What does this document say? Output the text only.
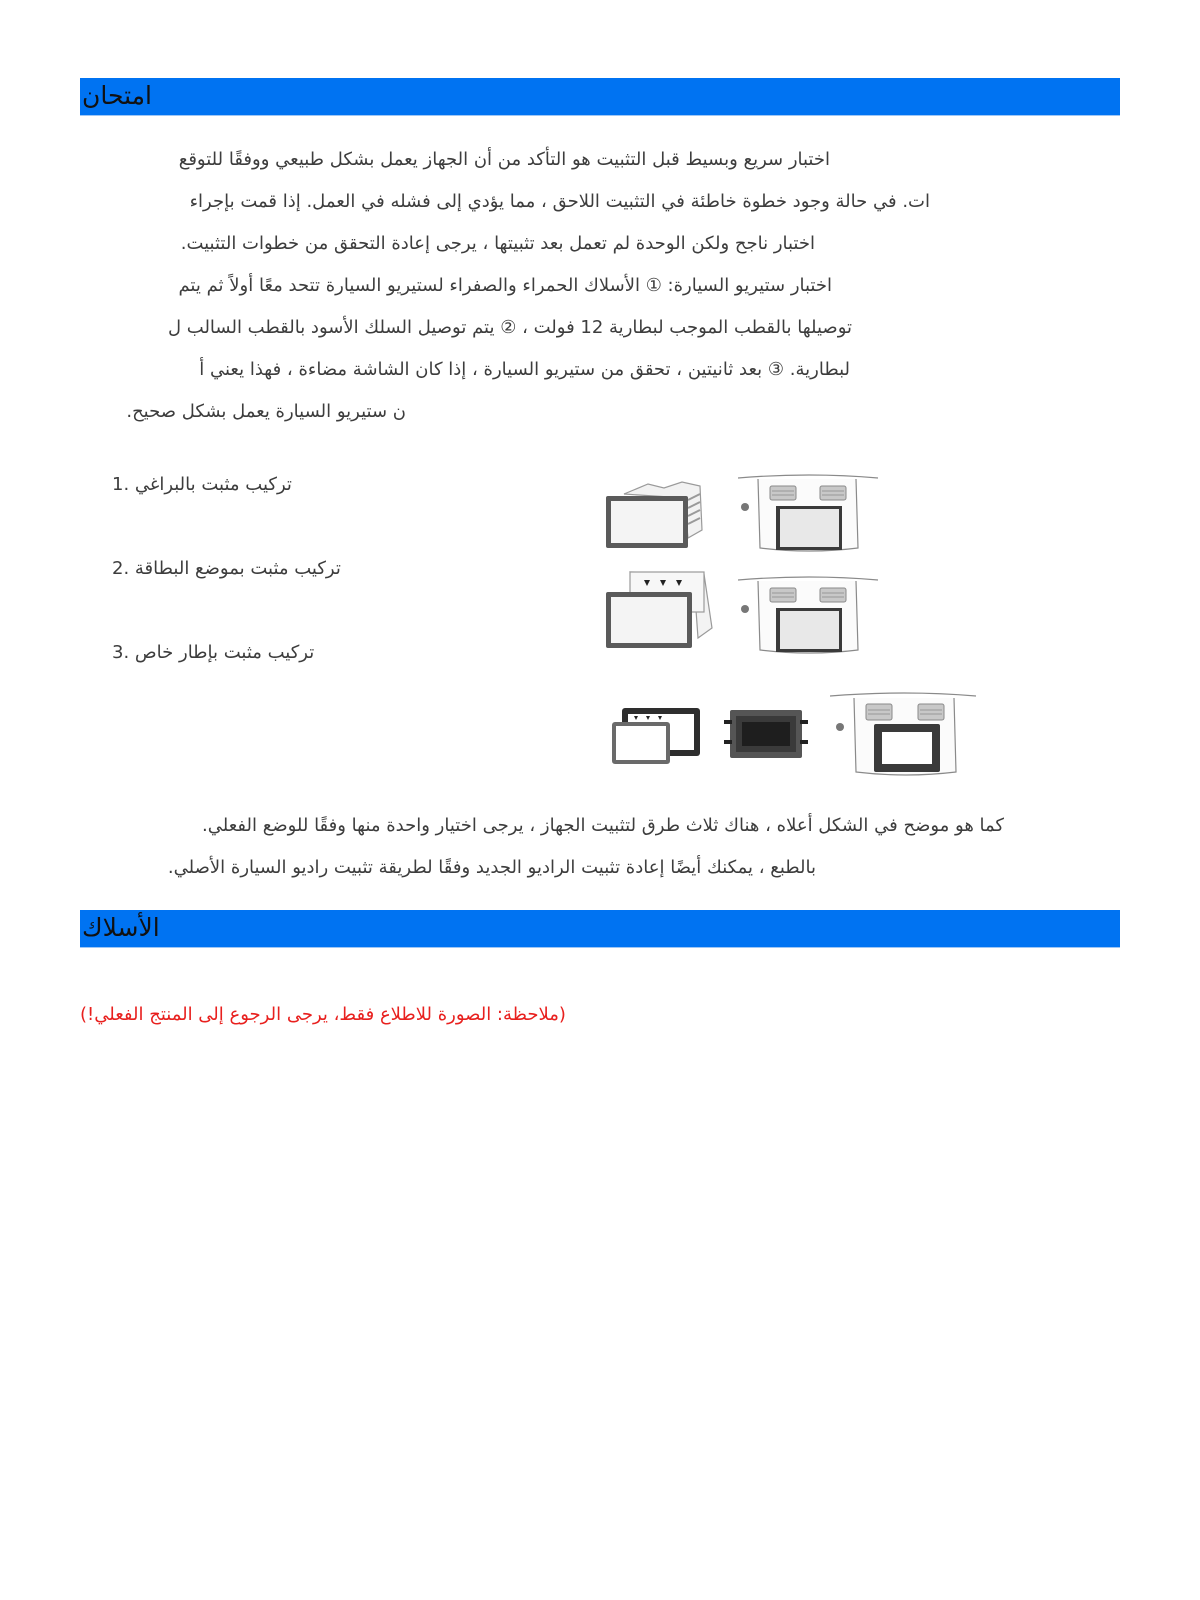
امتحان
اختبار سريع وبسيط قبل التثبيت هو التأكد من أن الجهاز يعمل بشكل طبيعي ووفقًا للتوقع
ات. في حالة وجود خطوة خاطئة في التثبيت اللاحق ، مما يؤدي إلى فشله في العمل. إذا قمت بإجراء
اختبار ناجح ولكن الوحدة لم تعمل بعد تثبيتها ، يرجى إعادة التحقق من خطوات التثبيت.
اختبار ستيريو السيارة: ① الأسلاك الحمراء والصفراء لستيريو السيارة تتحد معًا أولاً ثم يتم
توصيلها بالقطب الموجب لبطارية 12 فولت ، ② يتم توصيل السلك الأسود بالقطب السالب ل
لبطارية. ③ بعد ثانيتين ، تحقق من ستيريو السيارة ، إذا كان الشاشة مضاءة ، فهذا يعني أ
ن ستيريو السيارة يعمل بشكل صحيح.
1. تركيب مثبت بالبراغي
2. تركيب مثبت بموضع البطاقة
3. تركيب مثبت بإطار خاص
.كما هو موضح في الشكل أعلاه ، هناك ثلاث طرق لتثبيت الجهاز ، يرجى اختيار واحدة منها وفقًا للوضع الفعلي
.بالطبع ، يمكنك أيضًا إعادة تثبيت الراديو الجديد وفقًا لطريقة تثبيت راديو السيارة الأصلي
الأسلاك
(!ملاحظة: الصورة للاطلاع فقط، يرجى الرجوع إلى المنتج الفعلي)
